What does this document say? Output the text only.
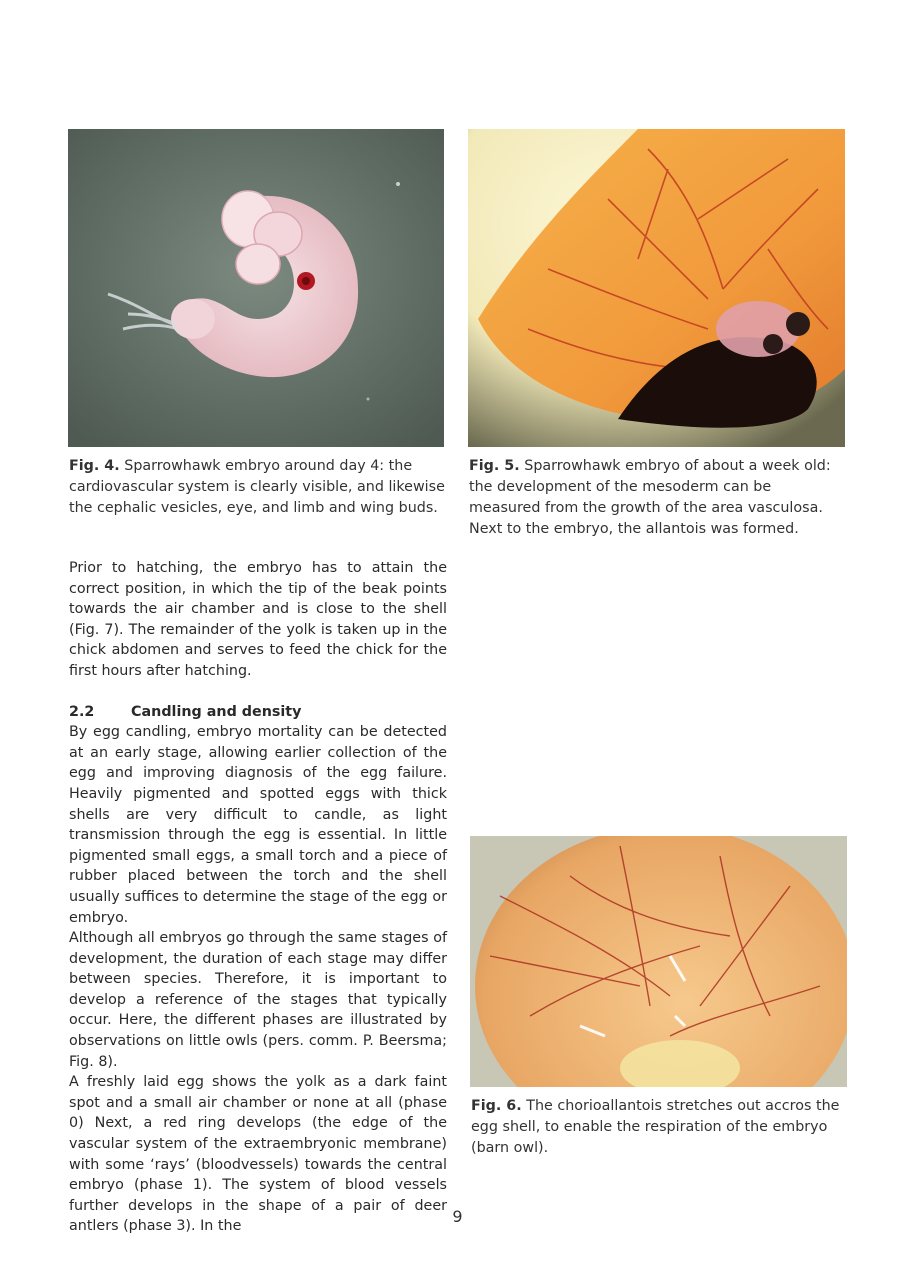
Fig. 4. Sparrowhawk embryo around day 4: the cardiovascular system is clearly visible, and likewise the cephalic vesicles, eye, and limb and wing buds.
Fig. 5. Sparrowhawk embryo of about a week old: the development of the mesoderm can be measured from the growth of the area vasculosa. Next to the embryo, the allantois was formed.
Fig. 6. The chorioallantois stretches out accros the egg shell, to enable the respiration of the embryo (barn owl).

Prior to hatching, the embryo has to attain the correct position, in which the tip of the beak points towards the air chamber and is close to the shell (Fig. 7). The remainder of the yolk is taken up in the chick abdomen and serves to feed the chick for the first hours after hatching.

2.2	Candling and density

By egg candling, embryo mortality can be detected at an early stage, allowing earlier collection of the egg and improving diagnosis of the egg failure. Heavily pigmented and spotted eggs with thick shells are very difficult to candle, as light transmission through the egg is essential. In little pigmented small eggs, a small torch and a piece of rubber placed between the torch and the shell usually suffices to determine the stage of the egg or embryo.

Although all embryos go through the same stages of development, the duration of each stage may differ between species. Therefore, it is important to develop a reference of the stages that typically occur. Here, the different phases are illustrated by observations on little owls (pers. comm. P. Beersma; Fig. 8).

A freshly laid egg shows the yolk as a dark faint spot and a small air chamber or none at all (phase 0) Next, a red ring develops (the edge of the vascular system of the extraembryonic membrane) with some ‘rays’ (bloodvessels) towards the central embryo (phase 1). The system of blood vessels further develops in the shape of a pair of deer antlers (phase 3). In the

9
